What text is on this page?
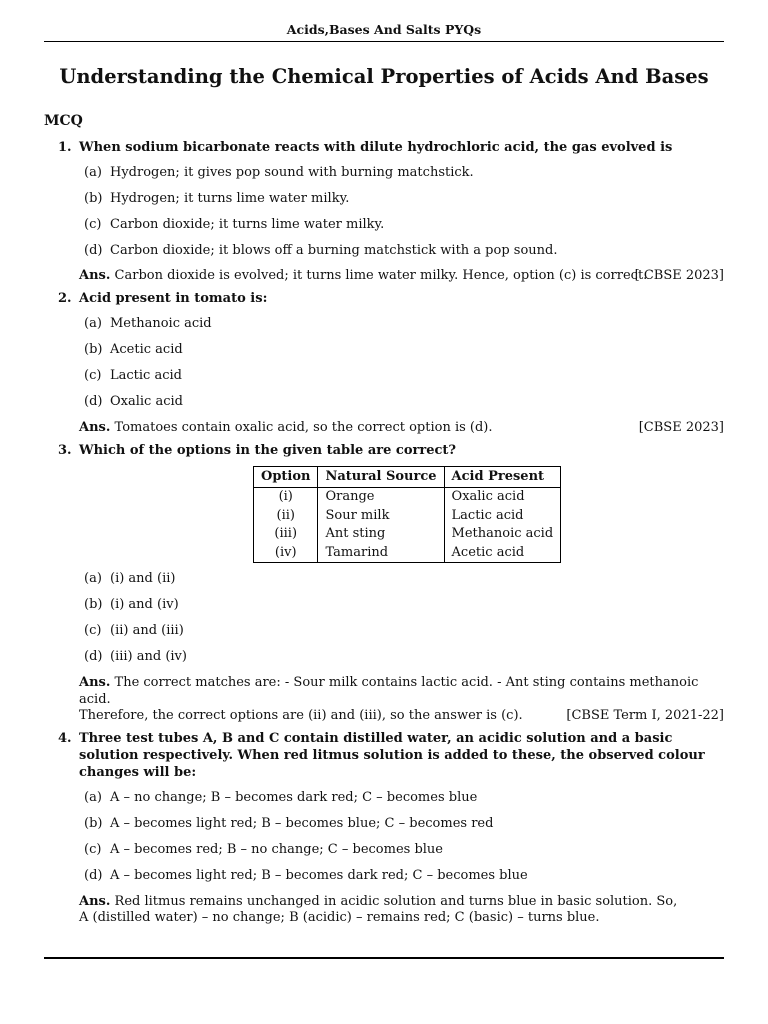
Acids,Bases And Salts PYQs
Understanding the Chemical Properties of Acids And Bases
MCQ
1. When sodium bicarbonate reacts with dilute hydrochloric acid, the gas evolved is
(a) Hydrogen; it gives pop sound with burning matchstick.
(b) Hydrogen; it turns lime water milky.
(c) Carbon dioxide; it turns lime water milky.
(d) Carbon dioxide; it blows off a burning matchstick with a pop sound.
Ans. Carbon dioxide is evolved; it turns lime water milky. Hence, option (c) is correct.
[ CBSE 2023]
2. Acid present in tomato is:
(a) Methanoic acid
(b) Acetic acid
(c) Lactic acid
(d) Oxalic acid
Ans. Tomatoes contain oxalic acid, so the correct option is (d).	[CBSE 2023]
3. Which of the options in the given table are correct?
Option	Natural Source	Acid Present
(i)	Orange	Oxalic acid
(ii)	Sour milk	Lactic acid
(iii)	Ant sting	Methanoic acid
(iv)	Tamarind	Acetic acid
(a) (i) and (ii)
(b) (i) and (iv)
(c) (ii) and (iii)
(d) (iii) and (iv)
Ans. The correct matches are: - Sour milk contains lactic acid. - Ant sting contains methanoic acid.
Therefore, the correct options are (ii) and (iii), so the answer is (c).	[CBSE Term I, 2021-22]
4. Three test tubes A, B and C contain distilled water, an acidic solution and a basic solution respectively. When red litmus solution is added to these, the observed colour changes will be:
(a) A – no change; B – becomes dark red; C – becomes blue
(b) A – becomes light red; B – becomes blue; C – becomes red
(c) A – becomes red; B – no change; C – becomes blue
(d) A – becomes light red; B – becomes dark red; C – becomes blue
Ans. Red litmus remains unchanged in acidic solution and turns blue in basic solution. So,
A (distilled water) – no change; B (acidic) – remains red; C (basic) – turns blue.
